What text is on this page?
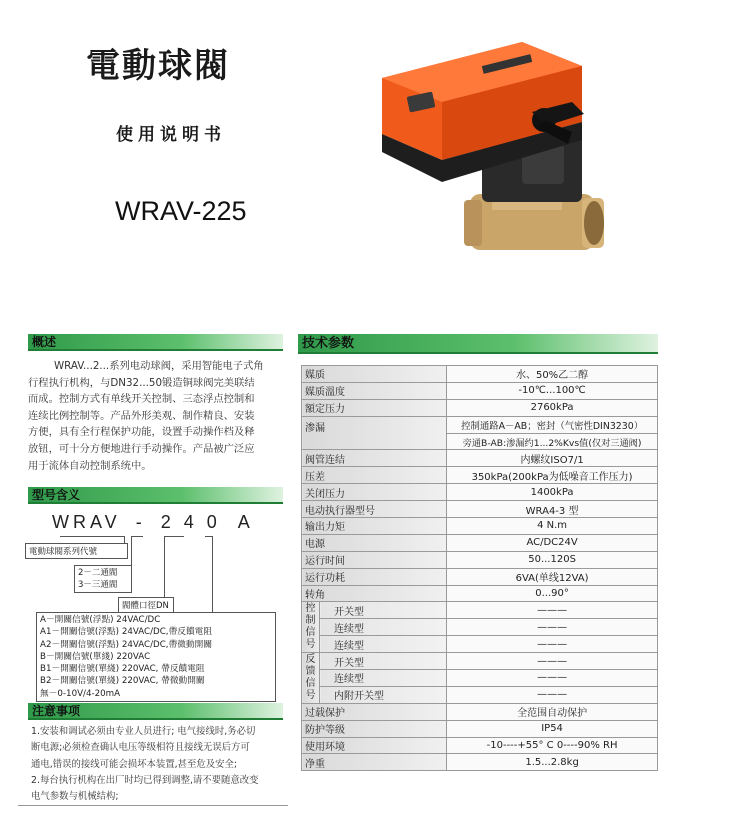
電動球閥
使用说明书
WRAV-225
概述
WRAV...2...系列电动球阀，采用智能电子式角
行程执行机构，与DN32...50锻造铜球阀完美联结
而成。控制方式有单线开关控制、三态浮点控制和
连续比例控制等。产品外形美观、制作精良、安装
方便，具有全行程保护功能，设置手动操作档及释
放钮，可十分方便地进行手动操作。产品被广泛应
用于流体自动控制系统中。
型号含义
WRAV - 2 4 0 A
電動球閥系列代號
2－二通閥
3－三通閥
閥體口徑DN
A－開關信號(浮點) 24VAC/DC
A1－開關信號(浮點) 24VAC/DC,帶反饋電阻
A2－開關信號(浮點) 24VAC/DC,帶微動開關
B－開關信號(單綫) 220VAC
B1－開關信號(單綫) 220VAC, 帶反饋電阻
B2－開關信號(單綫) 220VAC, 帶微動開關
無－0-10V/4-20mA
注意事项
1.安装和调试必须由专业人员进行; 电气接线时,务必切
断电源;必须检查确认电压等级相符且接线无误后方可
通电,错误的接线可能会损坏本装置,甚至危及安全;
2.每台执行机构在出厂时均已得到调整,请不要随意改变
电气参数与机械结构;
技术参数
媒质		水、50%乙二醇
媒质溫度		-10℃...100℃
額定压力		2760kPa
渗漏		控制通路A－AB；密封（气密性DIN3230）
		旁通B-AB:渗漏约1...2%Kvs值(仅对三通阀)
阀管连结		内螺纹ISO7/1
压差		350kPa(200kPa为低噪音工作压力)
关闭压力		1400kPa
电动执行器型号		WRA4-3 型
输出力矩		4 N.m
电源		AC/DC24V
运行时间		50...120S
运行功耗		6VA(单线12VA)
转角		0...90°
控制信号	开关型	———
	连续型	———
	连续型	———
反馈信号	开关型	———
	连续型	———
	内附开关型	———
过载保护		全范围自动保护
防护等级		IP54
使用环境		-10----+55° C 0----90% RH
净重		1.5...2.8kg
